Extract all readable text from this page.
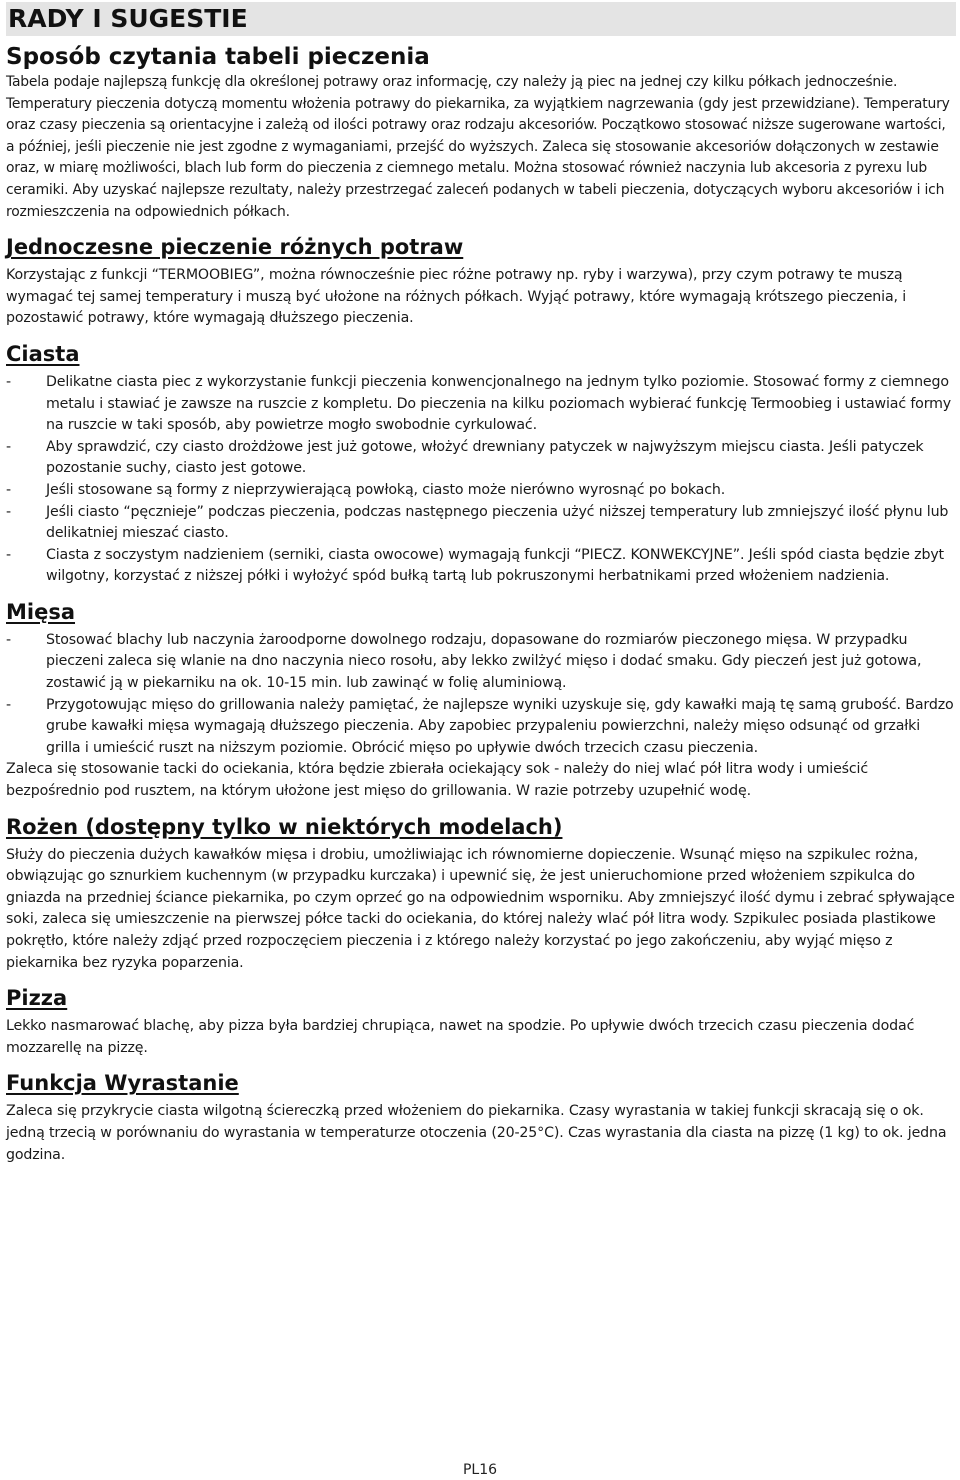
RADY I SUGESTIE
Sposób czytania tabeli pieczenia

Tabela podaje najlepszą funkcję dla określonej potrawy oraz informację, czy należy ją piec na jednej czy kilku półkach jednocześnie. Temperatury pieczenia dotyczą momentu włożenia potrawy do piekarnika, za wyjątkiem nagrzewania (gdy jest przewidziane). Temperatury oraz czasy pieczenia są orientacyjne i zależą od ilości potrawy oraz rodzaju akcesoriów. Początkowo stosować niższe sugerowane wartości, a później, jeśli pieczenie nie jest zgodne z wymaganiami, przejść do wyższych. Zaleca się stosowanie akcesoriów dołączonych w zestawie oraz, w miarę możliwości, blach lub form do pieczenia z ciemnego metalu. Można stosować również naczynia lub akcesoria z pyrexu lub ceramiki. Aby uzyskać najlepsze rezultaty, należy przestrzegać zaleceń podanych w tabeli pieczenia, dotyczących wyboru akcesoriów i ich rozmieszczenia na odpowiednich półkach.

Jednoczesne pieczenie różnych potraw

Korzystając z funkcji “TERMOOBIEG”, można równocześnie piec różne potrawy np. ryby i warzywa), przy czym potrawy te muszą wymagać tej samej temperatury i muszą być ułożone na różnych półkach. Wyjąć potrawy, które wymagają krótszego pieczenia, i pozostawić potrawy, które wymagają dłuższego pieczenia.

Ciasta
- Delikatne ciasta piec z wykorzystanie funkcji pieczenia konwencjonalnego na jednym tylko poziomie. Stosować formy z ciemnego metalu i stawiać je zawsze na ruszcie z kompletu. Do pieczenia na kilku poziomach wybierać funkcję Termoobieg i ustawiać formy na ruszcie w taki sposób, aby powietrze mogło swobodnie cyrkulować.
- Aby sprawdzić, czy ciasto drożdżowe jest już gotowe, włożyć drewniany patyczek w najwyższym miejscu ciasta. Jeśli patyczek pozostanie suchy, ciasto jest gotowe.
- Jeśli stosowane są formy z nieprzywierającą powłoką, ciasto może nierówno wyrosnąć po bokach.
- Jeśli ciasto “pęcznieje” podczas pieczenia, podczas następnego pieczenia użyć niższej temperatury lub zmniejszyć ilość płynu lub delikatniej mieszać ciasto.
- Ciasta z soczystym nadzieniem (serniki, ciasta owocowe) wymagają funkcji “PIECZ. KONWEKCYJNE”. Jeśli spód ciasta będzie zbyt wilgotny, korzystać z niższej półki i wyłożyć spód bułką tartą lub pokruszonymi herbatnikami przed włożeniem nadzienia.
Mięsa
- Stosować blachy lub naczynia żaroodporne dowolnego rodzaju, dopasowane do rozmiarów pieczonego mięsa. W przypadku pieczeni zaleca się wlanie na dno naczynia nieco rosołu, aby lekko zwilżyć mięso i dodać smaku. Gdy pieczeń jest już gotowa, zostawić ją w piekarniku na ok. 10-15 min. lub zawinąć w folię aluminiową.
- Przygotowując mięso do grillowania należy pamiętać, że najlepsze wyniki uzyskuje się, gdy kawałki mają tę samą grubość. Bardzo grube kawałki mięsa wymagają dłuższego pieczenia. Aby zapobiec przypaleniu powierzchni, należy mięso odsunąć od grzałki grilla i umieścić ruszt na niższym poziomie. Obrócić mięso po upływie dwóch trzecich czasu pieczenia.

Zaleca się stosowanie tacki do ociekania, która będzie zbierała ociekający sok - należy do niej wlać pół litra wody i umieścić bezpośrednio pod rusztem, na którym ułożone jest mięso do grillowania. W razie potrzeby uzupełnić wodę.

Rożen (dostępny tylko w niektórych modelach)

Służy do pieczenia dużych kawałków mięsa i drobiu, umożliwiając ich równomierne dopieczenie. Wsunąć mięso na szpikulec rożna, obwiązując go sznurkiem kuchennym (w przypadku kurczaka) i upewnić się, że jest unieruchomione przed włożeniem szpikulca do gniazda na przedniej ściance piekarnika, po czym oprzeć go na odpowiednim wsporniku. Aby zmniejszyć ilość dymu i zebrać spływające soki, zaleca się umieszczenie na pierwszej półce tacki do ociekania, do której należy wlać pół litra wody. Szpikulec posiada plastikowe pokrętło, które należy zdjąć przed rozpoczęciem pieczenia i z którego należy korzystać po jego zakończeniu, aby wyjąć mięso z piekarnika bez ryzyka poparzenia.

Pizza

Lekko nasmarować blachę, aby pizza była bardziej chrupiąca, nawet na spodzie. Po upływie dwóch trzecich czasu pieczenia dodać mozzarellę na pizzę.

Funkcja Wyrastanie

Zaleca się przykrycie ciasta wilgotną ściereczką przed włożeniem do piekarnika. Czasy wyrastania w takiej funkcji skracają się o ok. jedną trzecią w porównaniu do wyrastania w temperaturze otoczenia (20-25°C). Czas wyrastania dla ciasta na pizzę (1 kg) to ok. jedna godzina.

PL16
